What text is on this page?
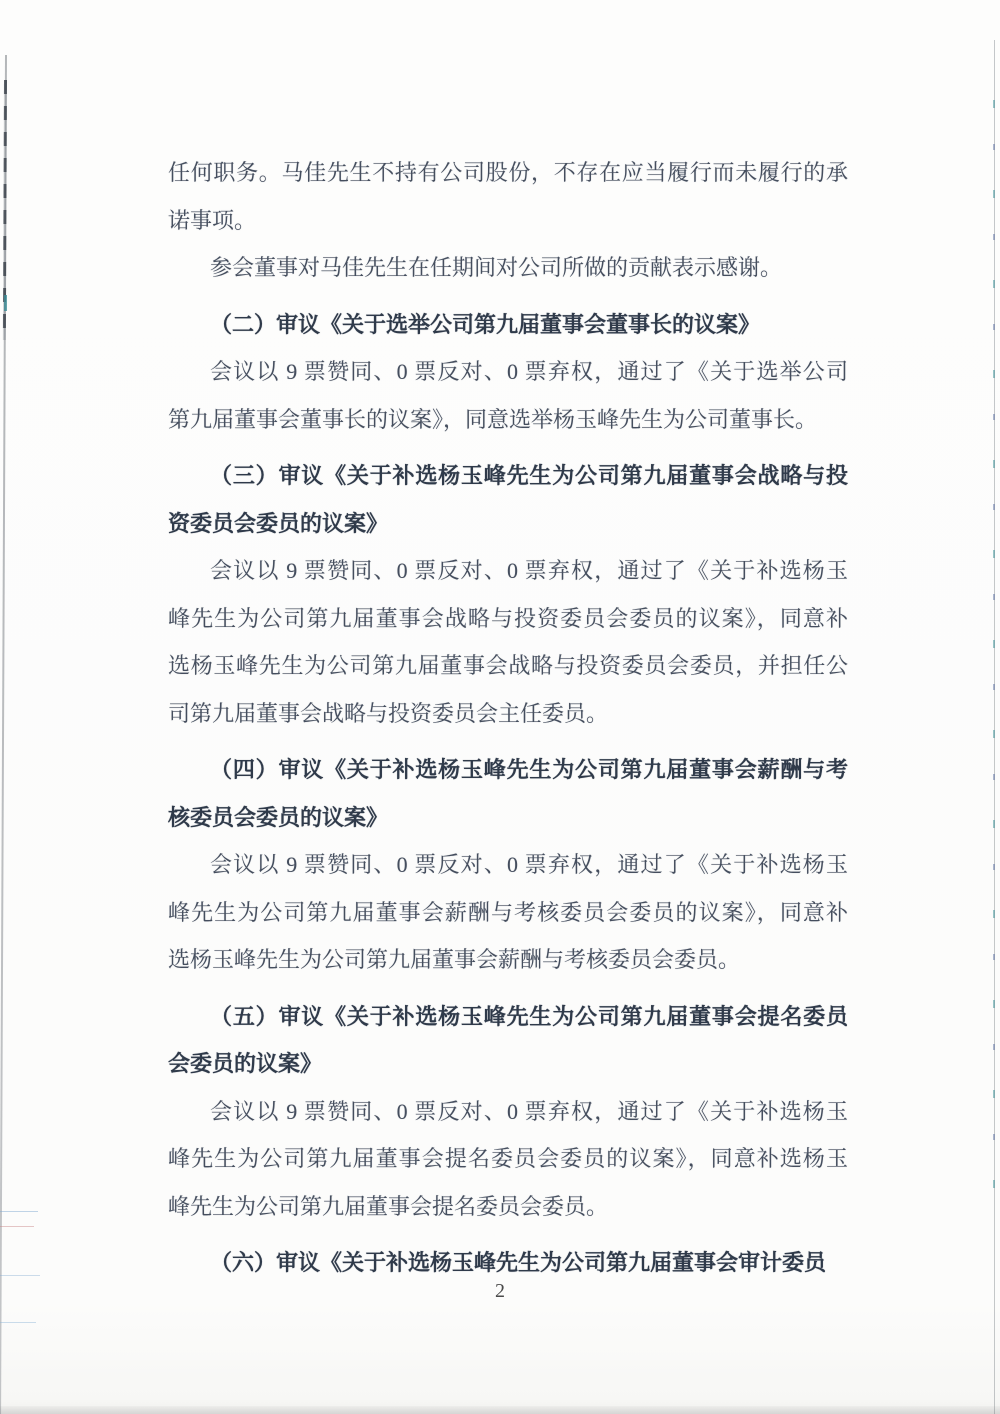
任何职务。马佳先生不持有公司股份，不存在应当履行而未履行的承
诺事项。

参会董事对马佳先生在任期间对公司所做的贡献表示感谢。

（二）审议《关于选举公司第九届董事会董事长的议案》

会议以 9 票赞同、0 票反对、0 票弃权，通过了《关于选举公司
第九届董事会董事长的议案》，同意选举杨玉峰先生为公司董事长。

（三）审议《关于补选杨玉峰先生为公司第九届董事会战略与投
资委员会委员的议案》

会议以 9 票赞同、0 票反对、0 票弃权，通过了《关于补选杨玉
峰先生为公司第九届董事会战略与投资委员会委员的议案》，同意补
选杨玉峰先生为公司第九届董事会战略与投资委员会委员，并担任公
司第九届董事会战略与投资委员会主任委员。

（四）审议《关于补选杨玉峰先生为公司第九届董事会薪酬与考
核委员会委员的议案》

会议以 9 票赞同、0 票反对、0 票弃权，通过了《关于补选杨玉
峰先生为公司第九届董事会薪酬与考核委员会委员的议案》，同意补
选杨玉峰先生为公司第九届董事会薪酬与考核委员会委员。

（五）审议《关于补选杨玉峰先生为公司第九届董事会提名委员
会委员的议案》

会议以 9 票赞同、0 票反对、0 票弃权，通过了《关于补选杨玉
峰先生为公司第九届董事会提名委员会委员的议案》，同意补选杨玉
峰先生为公司第九届董事会提名委员会委员。

（六）审议《关于补选杨玉峰先生为公司第九届董事会审计委员

2
